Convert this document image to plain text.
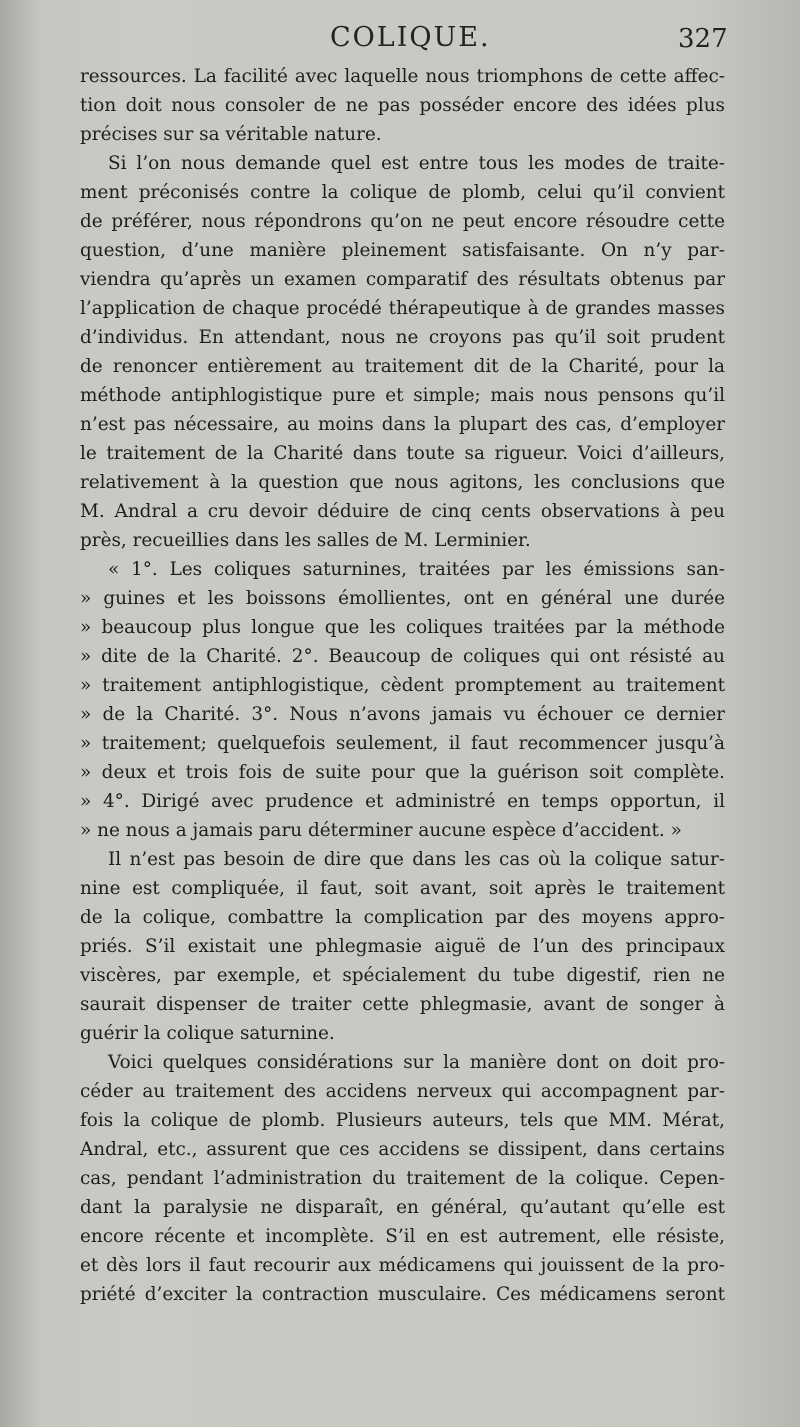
COLIQUE.	327
ressources. La facilité avec laquelle nous triomphons de cette affec-
tion doit nous consoler de ne pas posséder encore des idées plus
précises sur sa véritable nature.
Si l’on nous demande quel est entre tous les modes de traite-
ment préconisés contre la colique de plomb, celui qu’il convient
de préférer, nous répondrons qu’on ne peut encore résoudre cette
question, d’une manière pleinement satisfaisante. On n’y par-
viendra qu’après un examen comparatif des résultats obtenus par
l’application de chaque procédé thérapeutique à de grandes masses
d’individus. En attendant, nous ne croyons pas qu’il soit prudent
de renoncer entièrement au traitement dit de la Charité, pour la
méthode antiphlogistique pure et simple; mais nous pensons qu’il
n’est pas nécessaire, au moins dans la plupart des cas, d’employer
le traitement de la Charité dans toute sa rigueur. Voici d’ailleurs,
relativement à la question que nous agitons, les conclusions que
M. Andral a cru devoir déduire de cinq cents observations à peu
près, recueillies dans les salles de M. Lerminier.
« 1°. Les coliques saturnines, traitées par les émissions san-
» guines et les boissons émollientes, ont en général une durée
» beaucoup plus longue que les coliques traitées par la méthode
» dite de la Charité. 2°. Beaucoup de coliques qui ont résisté au
» traitement antiphlogistique, cèdent promptement au traitement
» de la Charité. 3°. Nous n’avons jamais vu échouer ce dernier
» traitement; quelquefois seulement, il faut recommencer jusqu’à
» deux et trois fois de suite pour que la guérison soit complète.
» 4°. Dirigé avec prudence et administré en temps opportun, il
» ne nous a jamais paru déterminer aucune espèce d’accident. »
Il n’est pas besoin de dire que dans les cas où la colique satur-
nine est compliquée, il faut, soit avant, soit après le traitement
de la colique, combattre la complication par des moyens appro-
priés. S’il existait une phlegmasie aiguë de l’un des principaux
viscères, par exemple, et spécialement du tube digestif, rien ne
saurait dispenser de traiter cette phlegmasie, avant de songer à
guérir la colique saturnine.
Voici quelques considérations sur la manière dont on doit pro-
céder au traitement des accidens nerveux qui accompagnent par-
fois la colique de plomb. Plusieurs auteurs, tels que MM. Mérat,
Andral, etc., assurent que ces accidens se dissipent, dans certains
cas, pendant l’administration du traitement de la colique. Cepen-
dant la paralysie ne disparaît, en général, qu’autant qu’elle est
encore récente et incomplète. S’il en est autrement, elle résiste,
et dès lors il faut recourir aux médicamens qui jouissent de la pro-
priété d’exciter la contraction musculaire. Ces médicamens seront
